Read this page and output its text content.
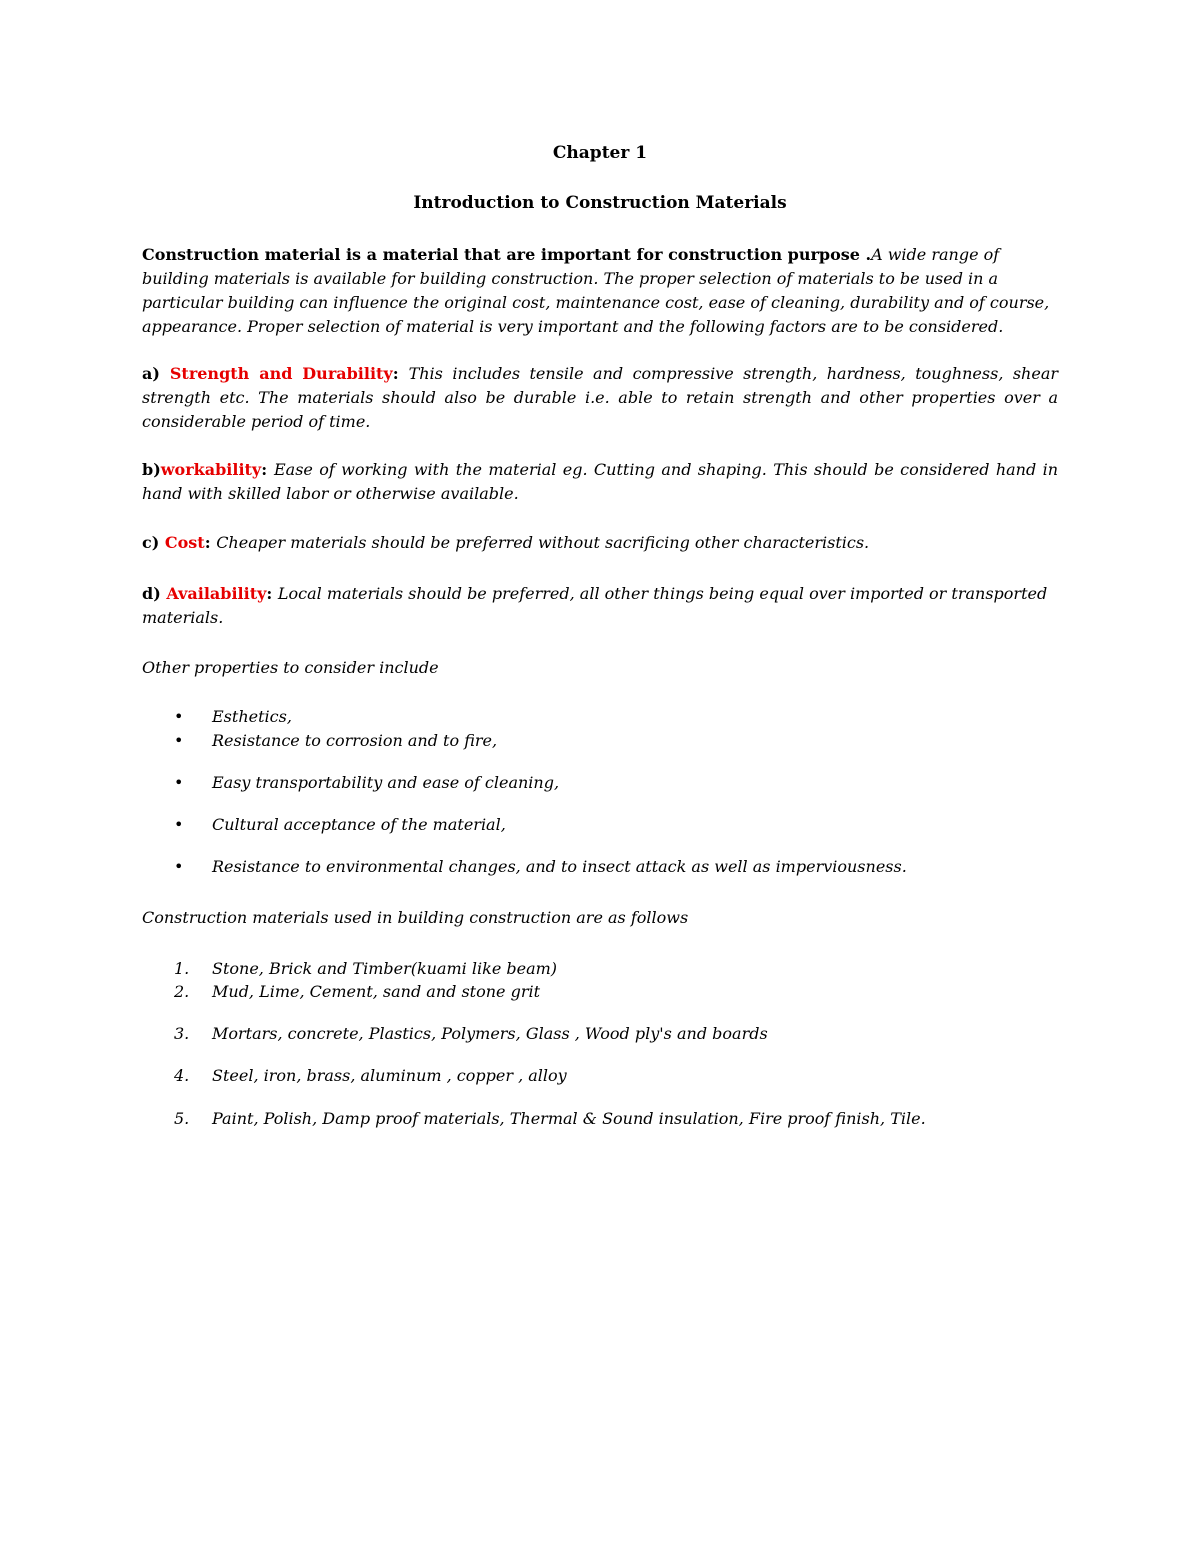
Chapter 1
Introduction to Construction Materials
Construction material is a material that are important for construction purpose .A wide range of building materials is available for building construction. The proper selection of materials to be used in a particular building can influence the original cost, maintenance cost, ease of cleaning, durability and of course, appearance. Proper selection of material is very important and the following factors are to be considered.
a) Strength and Durability: This includes tensile and compressive strength, hardness, toughness, shear strength etc. The materials should also be durable i.e. able to retain strength and other properties over a considerable period of time.
b)workability: Ease of working with the material eg. Cutting and shaping. This should be considered hand in hand with skilled labor or otherwise available.
c) Cost: Cheaper materials should be preferred without sacrificing other characteristics.
d) Availability: Local materials should be preferred, all other things being equal over imported or transported materials.
Other properties to consider include
•	Esthetics,
•	Resistance to corrosion and to fire,
•	Easy transportability and ease of cleaning,
•	Cultural acceptance of the material,
•	Resistance to environmental changes, and to insect attack as well as imperviousness.
Construction materials used in building construction are as follows
1.	Stone, Brick and Timber(kuami like beam)
2.	Mud, Lime, Cement, sand and stone grit
3.	Mortars, concrete, Plastics, Polymers, Glass , Wood ply's and boards
4.	Steel, iron, brass, aluminum , copper , alloy
5.	Paint, Polish, Damp proof materials, Thermal & Sound insulation, Fire proof finish, Tile.
